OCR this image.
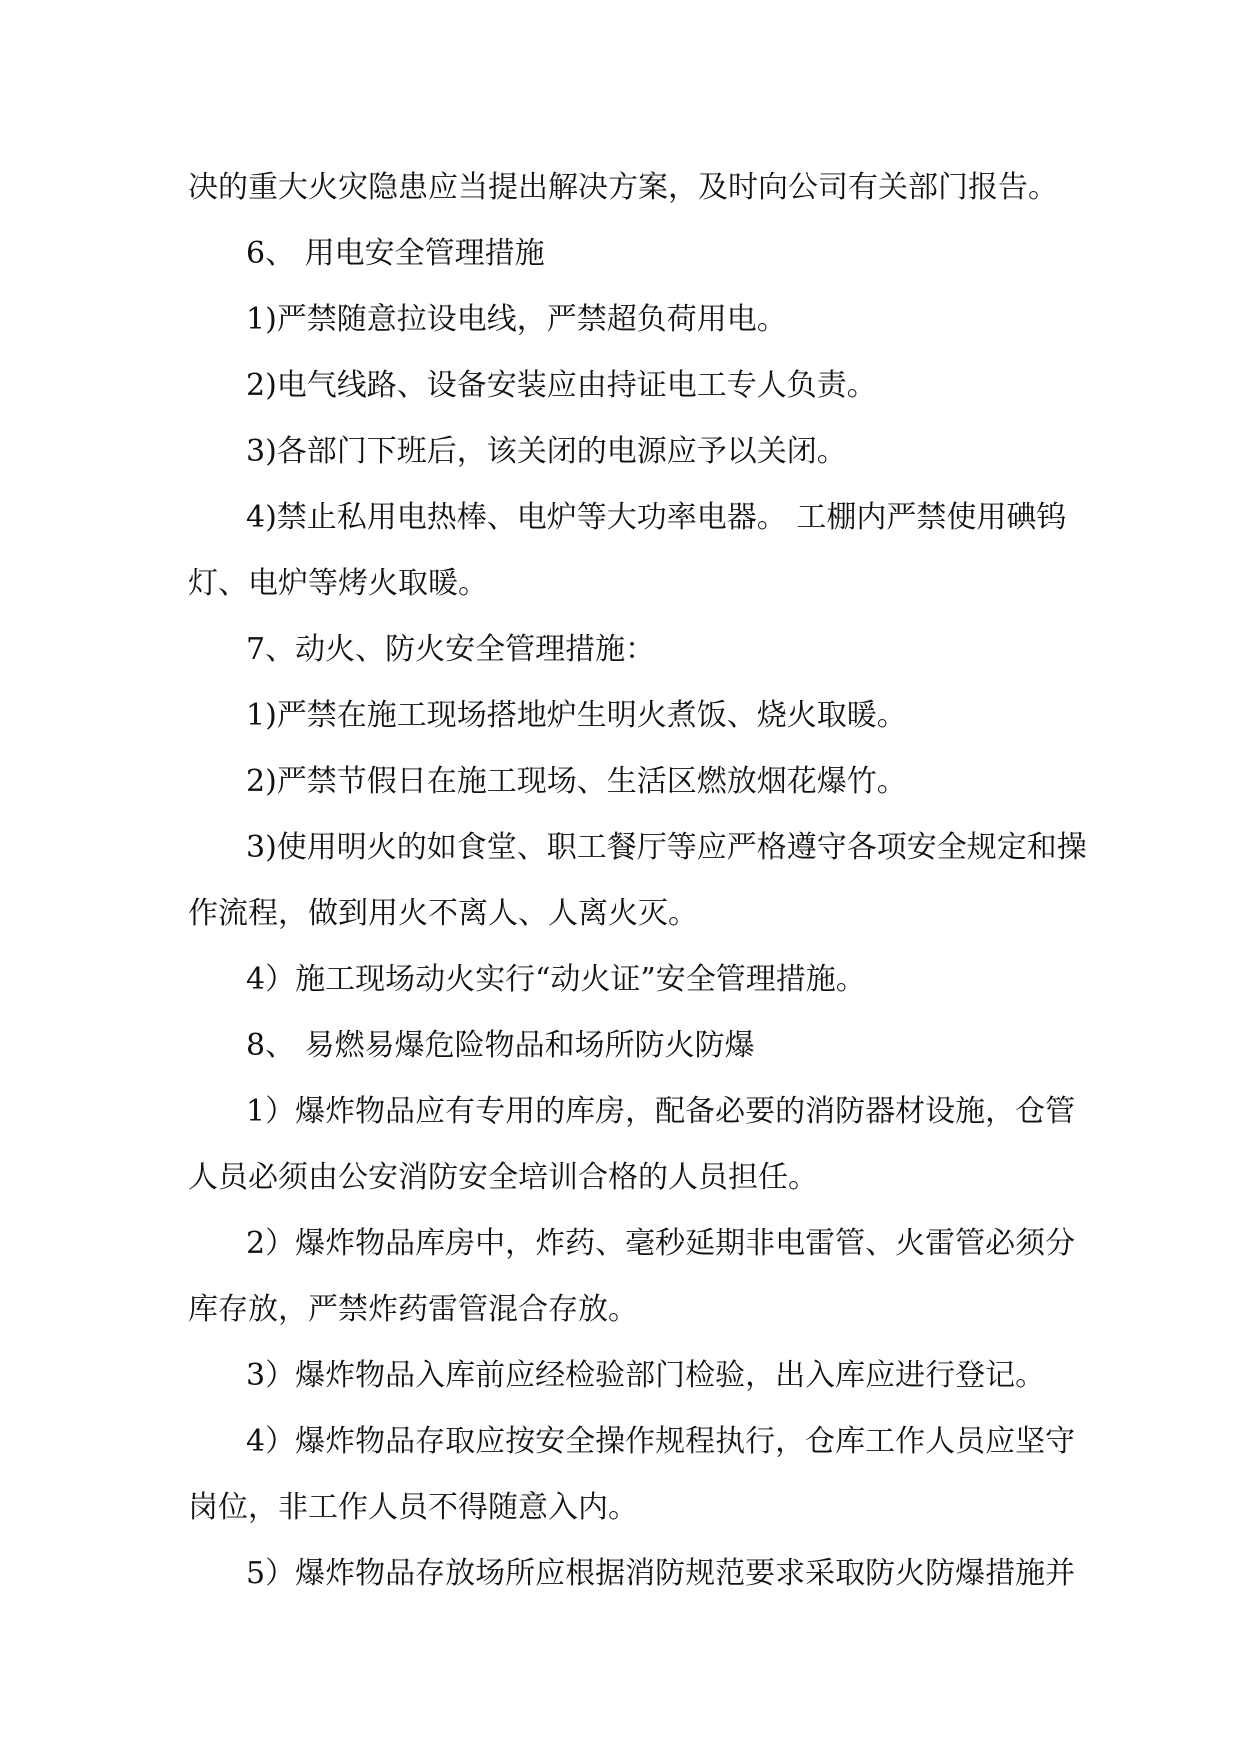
决的重大火灾隐患应当提出解决方案，及时向公司有关部门报告。
6、 用电安全管理措施
1)严禁随意拉设电线，严禁超负荷用电。
2)电气线路、设备安装应由持证电工专人负责。
3)各部门下班后，该关闭的电源应予以关闭。
4)禁止私用电热棒、电炉等大功率电器。 工棚内严禁使用碘钨
灯、电炉等烤火取暖。
7、动火、防火安全管理措施：
1)严禁在施工现场搭地炉生明火煮饭、烧火取暖。
2)严禁节假日在施工现场、生活区燃放烟花爆竹。
3)使用明火的如食堂、职工餐厅等应严格遵守各项安全规定和操
作流程，做到用火不离人、人离火灭。
4）施工现场动火实行“动火证”安全管理措施。
8、 易燃易爆危险物品和场所防火防爆
1）爆炸物品应有专用的库房，配备必要的消防器材设施，仓管
人员必须由公安消防安全培训合格的人员担任。
2）爆炸物品库房中，炸药、毫秒延期非电雷管、火雷管必须分
库存放，严禁炸药雷管混合存放。
3）爆炸物品入库前应经检验部门检验，出入库应进行登记。
4）爆炸物品存取应按安全操作规程执行，仓库工作人员应坚守
岗位，非工作人员不得随意入内。
5）爆炸物品存放场所应根据消防规范要求采取防火防爆措施并
